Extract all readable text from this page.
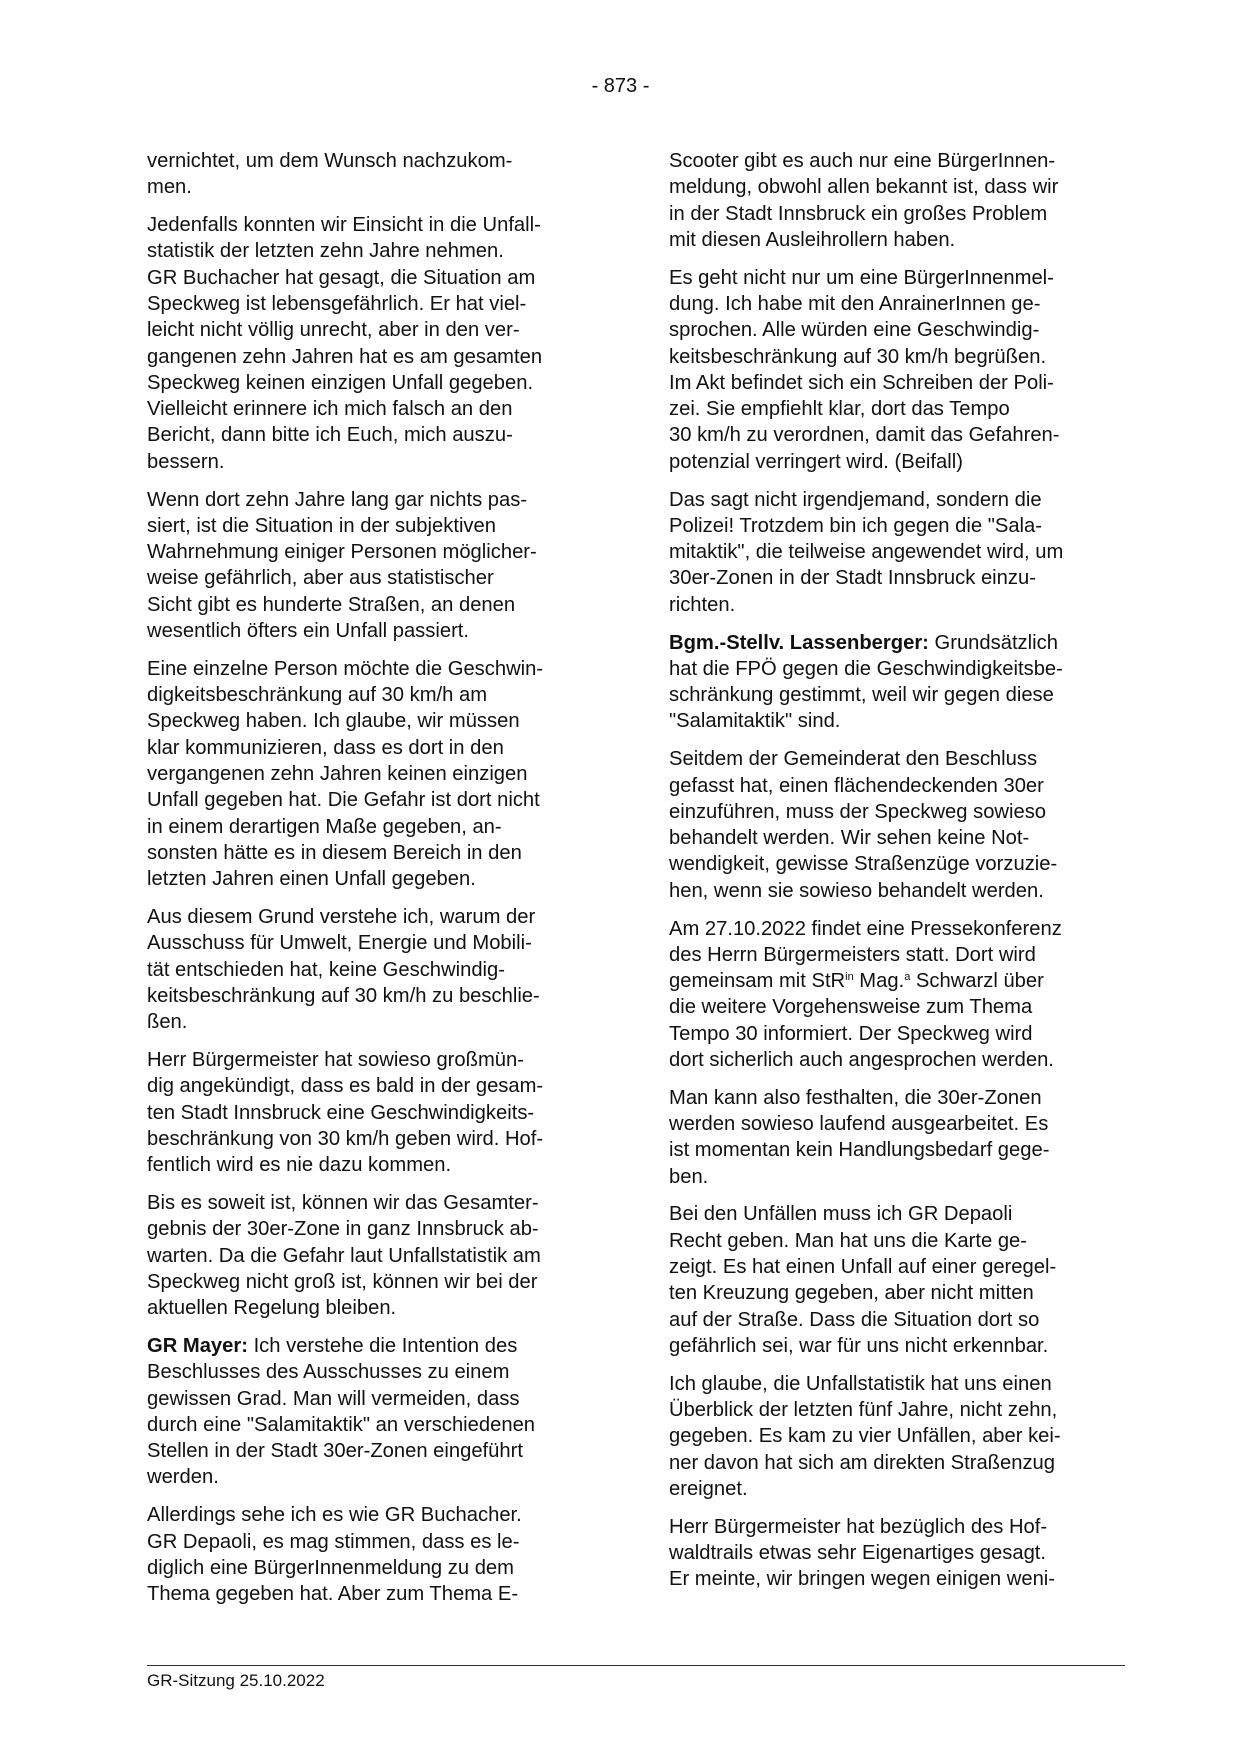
- 873 -

vernichtet, um dem Wunsch nachzukom-
men.

Jedenfalls konnten wir Einsicht in die Unfall-
statistik der letzten zehn Jahre nehmen.
GR Buchacher hat gesagt, die Situation am
Speckweg ist lebensgefährlich. Er hat viel-
leicht nicht völlig unrecht, aber in den ver-
gangenen zehn Jahren hat es am gesamten
Speckweg keinen einzigen Unfall gegeben.
Vielleicht erinnere ich mich falsch an den
Bericht, dann bitte ich Euch, mich auszu-
bessern.

Wenn dort zehn Jahre lang gar nichts pas-
siert, ist die Situation in der subjektiven
Wahrnehmung einiger Personen möglicher-
weise gefährlich, aber aus statistischer
Sicht gibt es hunderte Straßen, an denen
wesentlich öfters ein Unfall passiert.

Eine einzelne Person möchte die Geschwin-
digkeitsbeschränkung auf 30 km/h am
Speckweg haben. Ich glaube, wir müssen
klar kommunizieren, dass es dort in den
vergangenen zehn Jahren keinen einzigen
Unfall gegeben hat. Die Gefahr ist dort nicht
in einem derartigen Maße gegeben, an-
sonsten hätte es in diesem Bereich in den
letzten Jahren einen Unfall gegeben.

Aus diesem Grund verstehe ich, warum der
Ausschuss für Umwelt, Energie und Mobili-
tät entschieden hat, keine Geschwindig-
keitsbeschränkung auf 30 km/h zu beschlie-
ßen.

Herr Bürgermeister hat sowieso großmün-
dig angekündigt, dass es bald in der gesam-
ten Stadt Innsbruck eine Geschwindigkeits-
beschränkung von 30 km/h geben wird. Hof-
fentlich wird es nie dazu kommen.

Bis es soweit ist, können wir das Gesamter-
gebnis der 30er-Zone in ganz Innsbruck ab-
warten. Da die Gefahr laut Unfallstatistik am
Speckweg nicht groß ist, können wir bei der
aktuellen Regelung bleiben.

GR Mayer: Ich verstehe die Intention des
Beschlusses des Ausschusses zu einem
gewissen Grad. Man will vermeiden, dass
durch eine "Salamitaktik" an verschiedenen
Stellen in der Stadt 30er-Zonen eingeführt
werden.

Allerdings sehe ich es wie GR Buchacher.
GR Depaoli, es mag stimmen, dass es le-
diglich eine BürgerInnenmeldung zu dem
Thema gegeben hat. Aber zum Thema E-

Scooter gibt es auch nur eine BürgerInnen-
meldung, obwohl allen bekannt ist, dass wir
in der Stadt Innsbruck ein großes Problem
mit diesen Ausleihrollern haben.

Es geht nicht nur um eine BürgerInnenmel-
dung. Ich habe mit den AnrainerInnen ge-
sprochen. Alle würden eine Geschwindig-
keitsbeschränkung auf 30 km/h begrüßen.
Im Akt befindet sich ein Schreiben der Poli-
zei. Sie empfiehlt klar, dort das Tempo
30 km/h zu verordnen, damit das Gefahren-
potenzial verringert wird. (Beifall)

Das sagt nicht irgendjemand, sondern die
Polizei! Trotzdem bin ich gegen die "Sala-
mitaktik", die teilweise angewendet wird, um
30er-Zonen in der Stadt Innsbruck einzu-
richten.

Bgm.-Stellv. Lassenberger: Grundsätzlich
hat die FPÖ gegen die Geschwindigkeitsbe-
schränkung gestimmt, weil wir gegen diese
"Salamitaktik" sind.

Seitdem der Gemeinderat den Beschluss
gefasst hat, einen flächendeckenden 30er
einzuführen, muss der Speckweg sowieso
behandelt werden. Wir sehen keine Not-
wendigkeit, gewisse Straßenzüge vorzuzie-
hen, wenn sie sowieso behandelt werden.

Am 27.10.2022 findet eine Pressekonferenz
des Herrn Bürgermeisters statt. Dort wird
gemeinsam mit StR$^{in}$ Mag.$^a$ Schwarzl über
die weitere Vorgehensweise zum Thema
Tempo 30 informiert. Der Speckweg wird
dort sicherlich auch angesprochen werden.

Man kann also festhalten, die 30er-Zonen
werden sowieso laufend ausgearbeitet. Es
ist momentan kein Handlungsbedarf gege-
ben.

Bei den Unfällen muss ich GR Depaoli
Recht geben. Man hat uns die Karte ge-
zeigt. Es hat einen Unfall auf einer geregel-
ten Kreuzung gegeben, aber nicht mitten
auf der Straße. Dass die Situation dort so
gefährlich sei, war für uns nicht erkennbar.

Ich glaube, die Unfallstatistik hat uns einen
Überblick der letzten fünf Jahre, nicht zehn,
gegeben. Es kam zu vier Unfällen, aber kei-
ner davon hat sich am direkten Straßenzug
ereignet.

Herr Bürgermeister hat bezüglich des Hof-
waldtrails etwas sehr Eigenartiges gesagt.
Er meinte, wir bringen wegen einigen weni-

GR-Sitzung 25.10.2022
